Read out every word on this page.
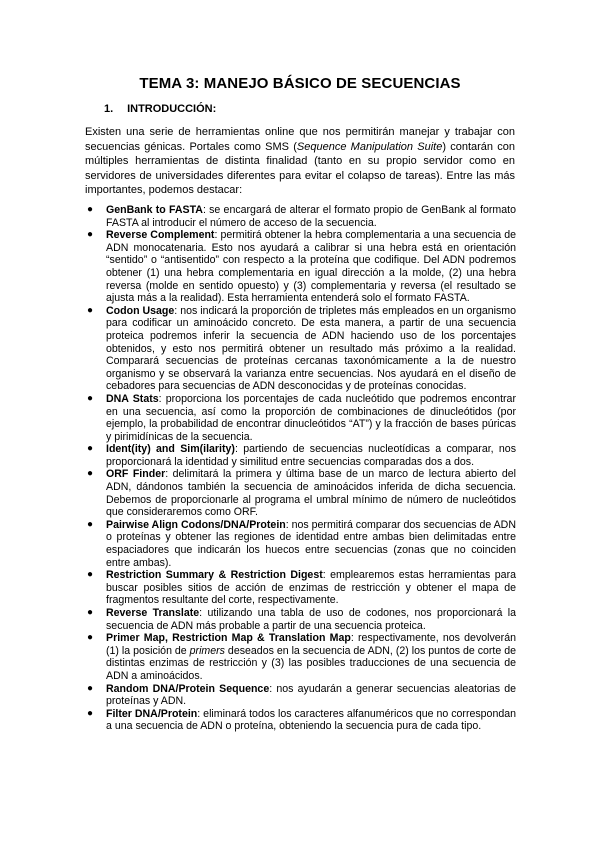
TEMA 3: MANEJO BÁSICO DE SECUENCIAS
1. INTRODUCCIÓN:

Existen una serie de herramientas online que nos permitirán manejar y trabajar con secuencias génicas. Portales como SMS (Sequence Manipulation Suite) contarán con múltiples herramientas de distinta finalidad (tanto en su propio servidor como en servidores de universidades diferentes para evitar el colapso de tareas). Entre las más importantes, podemos destacar:

● GenBank to FASTA: se encargará de alterar el formato propio de GenBank al formato FASTA al introducir el número de acceso de la secuencia.
● Reverse Complement: permitirá obtener la hebra complementaria a una secuencia de ADN monocatenaria. Esto nos ayudará a calibrar si una hebra está en orientación “sentido” o “antisentido” con respecto a la proteína que codifique. Del ADN podremos obtener (1) una hebra complementaria en igual dirección a la molde, (2) una hebra reversa (molde en sentido opuesto) y (3) complementaria y reversa (el resultado se ajusta más a la realidad). Esta herramienta entenderá solo el formato FASTA.
● Codon Usage: nos indicará la proporción de tripletes más empleados en un organismo para codificar un aminoácido concreto. De esta manera, a partir de una secuencia proteica podremos inferir la secuencia de ADN haciendo uso de los porcentajes obtenidos, y esto nos permitirá obtener un resultado más próximo a la realidad. Comparará secuencias de proteínas cercanas taxonómicamente a la de nuestro organismo y se observará la varianza entre secuencias. Nos ayudará en el diseño de cebadores para secuencias de ADN desconocidas y de proteínas conocidas.
● DNA Stats: proporciona los porcentajes de cada nucleótido que podremos encontrar en una secuencia, así como la proporción de combinaciones de dinucleótidos (por ejemplo, la probabilidad de encontrar dinucleótidos “AT”) y la fracción de bases púricas y pirimidínicas de la secuencia.
● Ident(ity) and Sim(ilarity): partiendo de secuencias nucleotídicas a comparar, nos proporcionará la identidad y similitud entre secuencias comparadas dos a dos.
● ORF Finder: delimitará la primera y última base de un marco de lectura abierto del ADN, dándonos también la secuencia de aminoácidos inferida de dicha secuencia. Debemos de proporcionarle al programa el umbral mínimo de número de nucleótidos que consideraremos como ORF.
● Pairwise Align Codons/DNA/Protein: nos permitirá comparar dos secuencias de ADN o proteínas y obtener las regiones de identidad entre ambas bien delimitadas entre espaciadores que indicarán los huecos entre secuencias (zonas que no coinciden entre ambas).
● Restriction Summary & Restriction Digest: emplearemos estas herramientas para buscar posibles sitios de acción de enzimas de restricción y obtener el mapa de fragmentos resultante del corte, respectivamente.
● Reverse Translate: utilizando una tabla de uso de codones, nos proporcionará la secuencia de ADN más probable a partir de una secuencia proteica.
● Primer Map, Restriction Map & Translation Map: respectivamente, nos devolverán (1) la posición de primers deseados en la secuencia de ADN, (2) los puntos de corte de distintas enzimas de restricción y (3) las posibles traducciones de una secuencia de ADN a aminoácidos.
● Random DNA/Protein Sequence: nos ayudarán a generar secuencias aleatorias de proteínas y ADN.
● Filter DNA/Protein: eliminará todos los caracteres alfanuméricos que no correspondan a una secuencia de ADN o proteína, obteniendo la secuencia pura de cada tipo.
